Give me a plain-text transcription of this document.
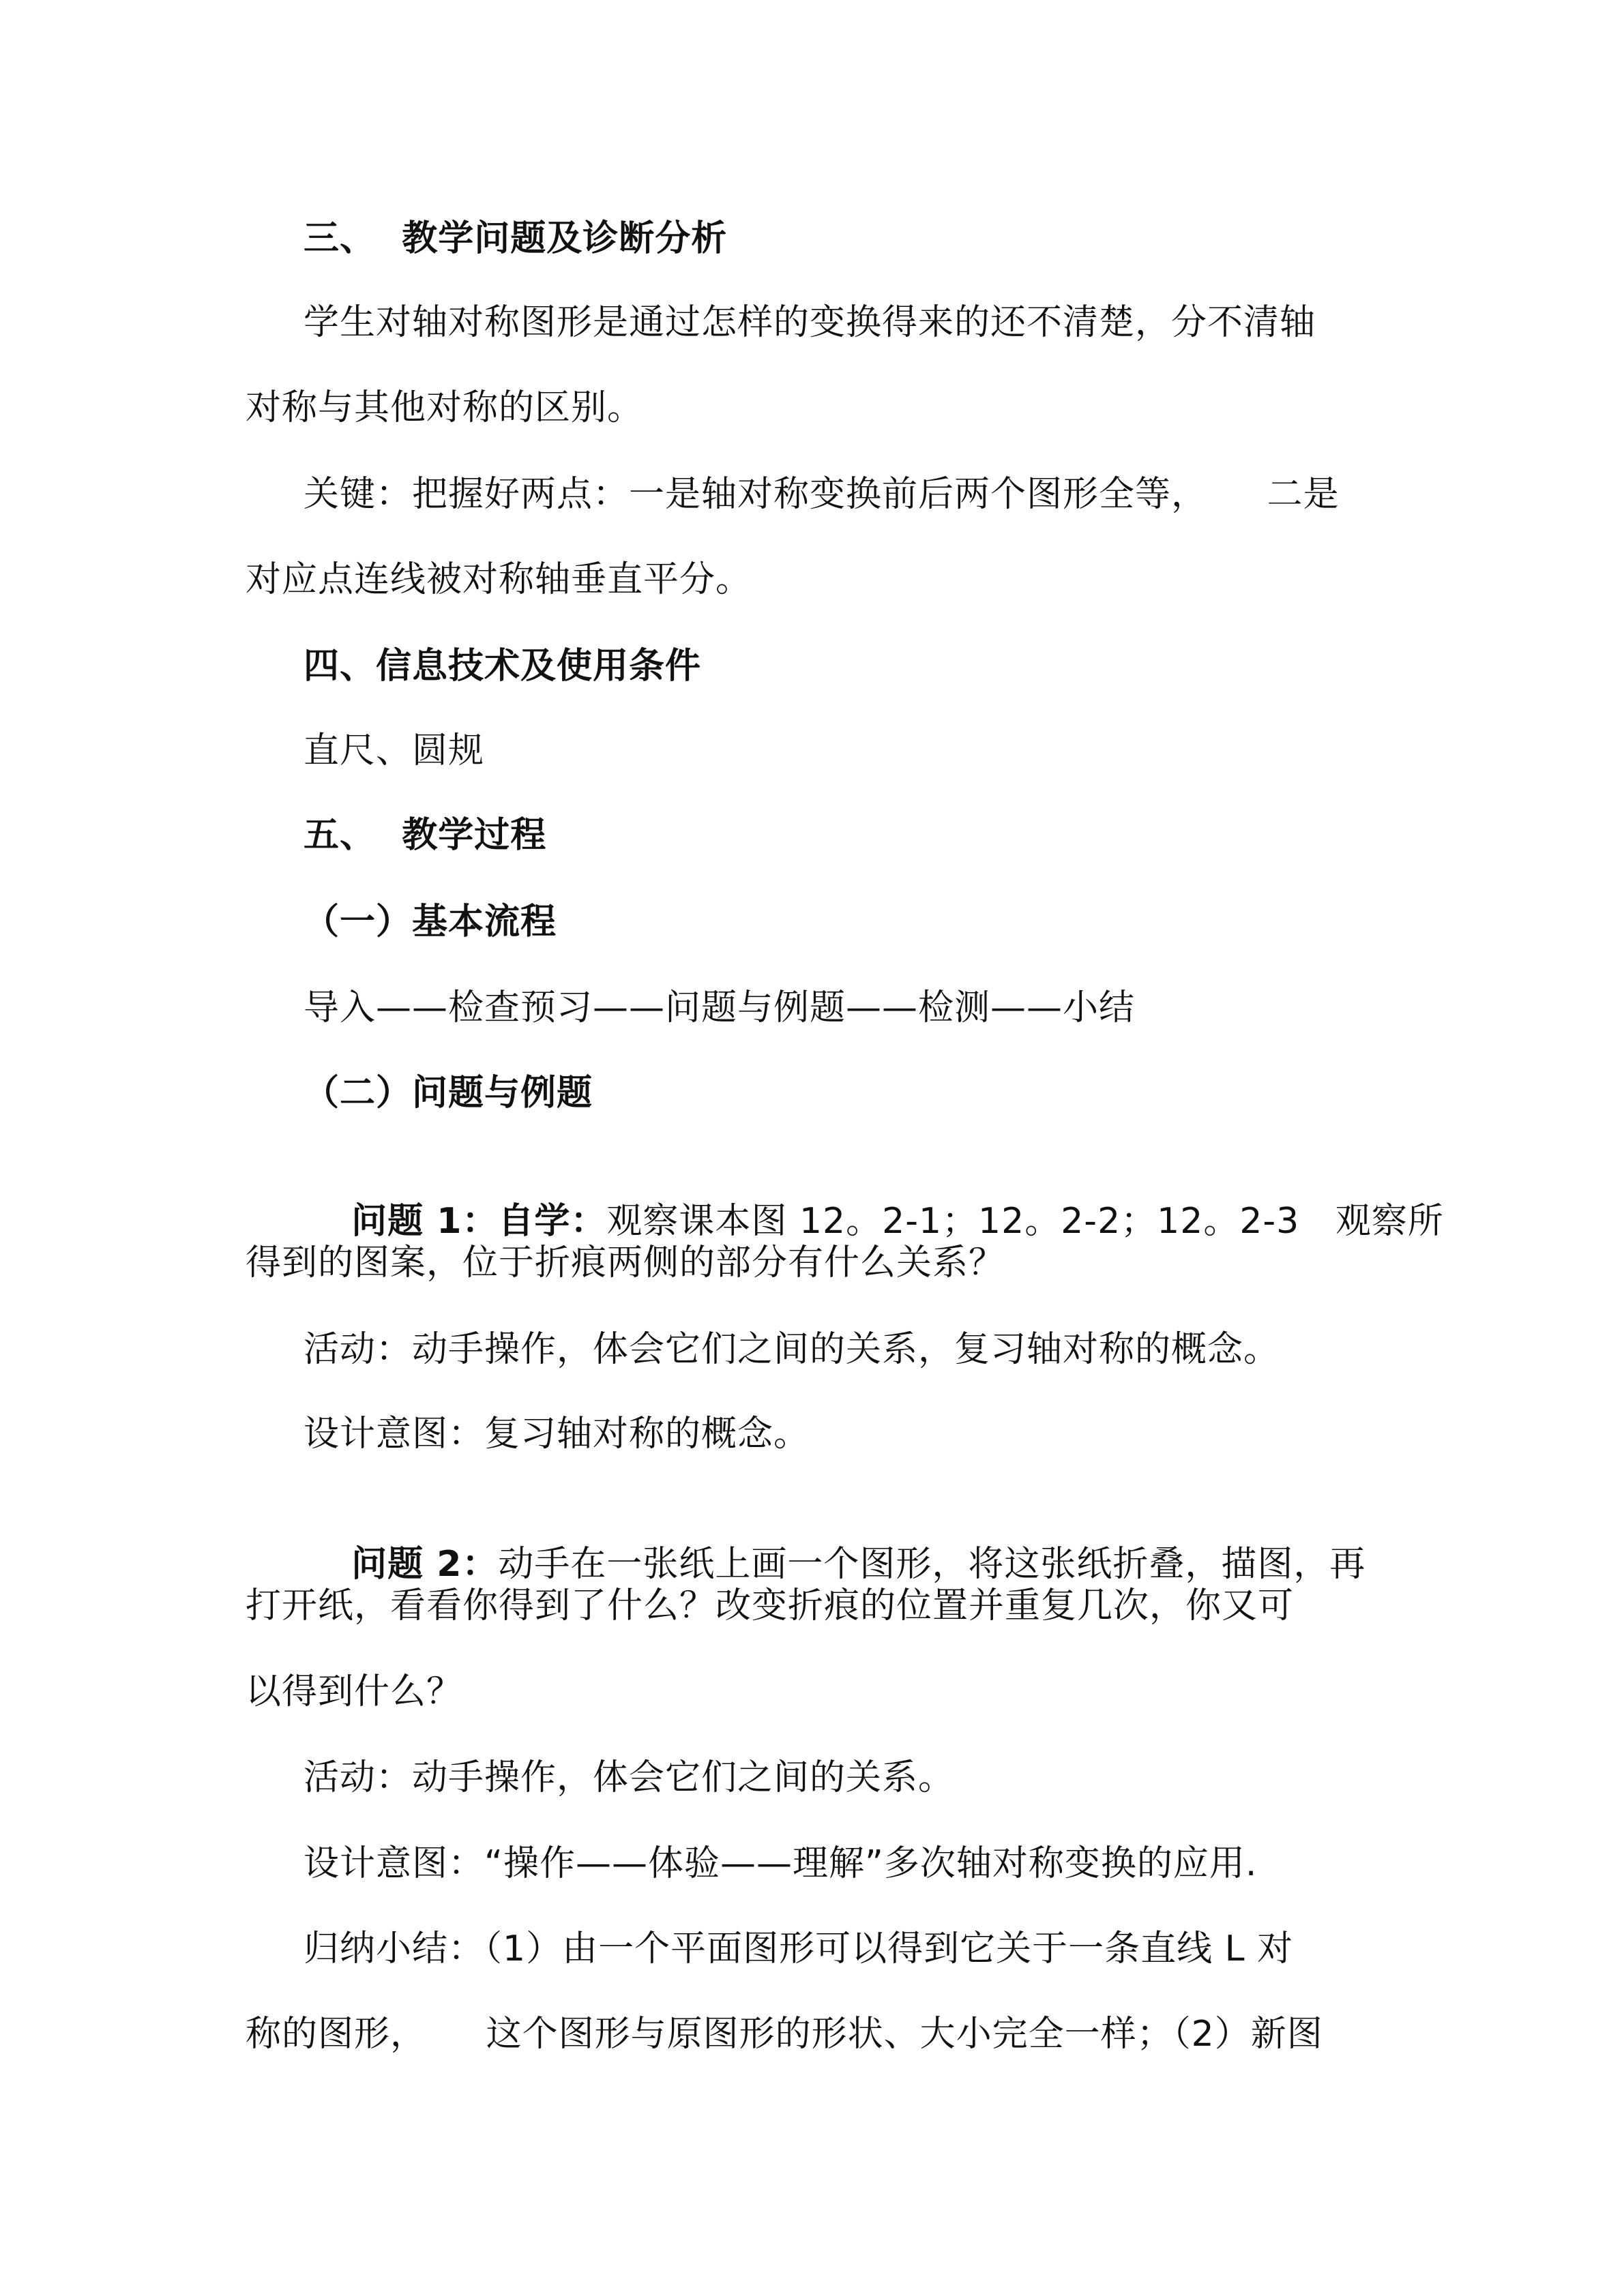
三、  教学问题及诊断分析
学生对轴对称图形是通过怎样的变换得来的还不清楚，分不清轴
对称与其他对称的区别。
关键：把握好两点：一是轴对称变换前后两个图形全等，     二是
对应点连线被对称轴垂直平分。
四、信息技术及使用条件
直尺、圆规
五、  教学过程
（一）基本流程
导入——检查预习——问题与例题——检测——小结
（二）问题与例题

问题 1：自学：观察课本图 12。2-1；12。2-2；12。2-3   观察所

得到的图案，位于折痕两侧的部分有什么关系？
活动：动手操作，体会它们之间的关系，复习轴对称的概念。
设计意图：复习轴对称的概念。

问题 2：动手在一张纸上画一个图形，将这张纸折叠，描图，再

打开纸，看看你得到了什么？改变折痕的位置并重复几次，你又可
以得到什么？
活动：动手操作，体会它们之间的关系。
设计意图：“操作——体验——理解”多次轴对称变换的应用.
归纳小结：（1）由一个平面图形可以得到它关于一条直线 L 对
称的图形，     这个图形与原图形的形状、大小完全一样；（2）新图
